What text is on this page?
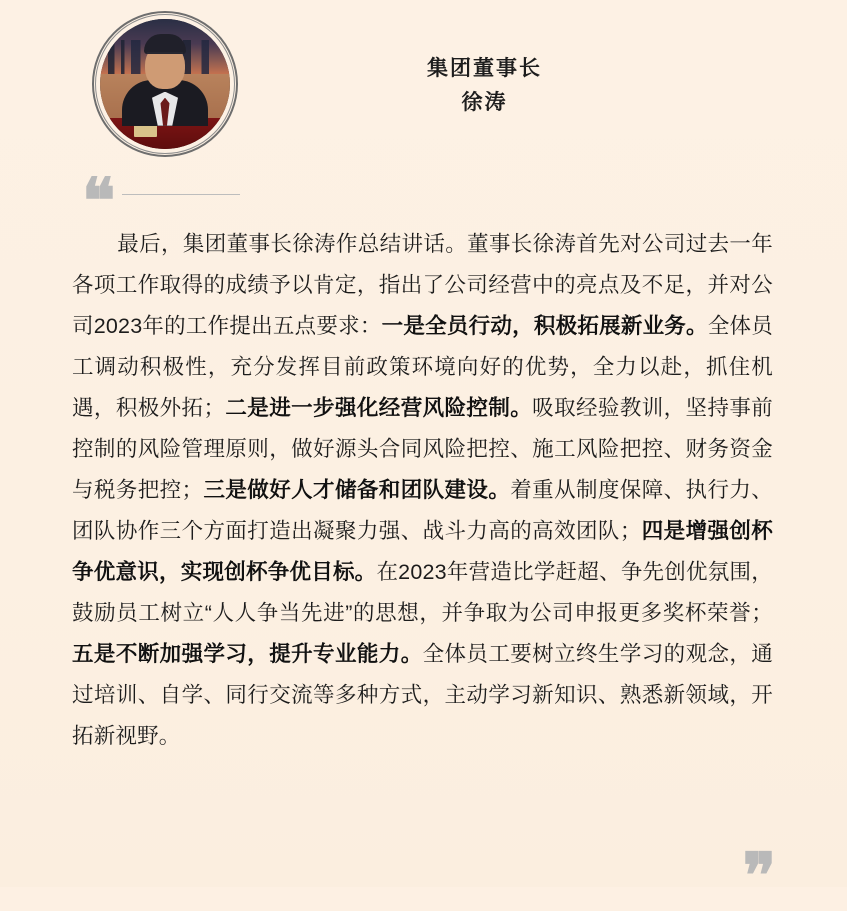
集团董事长
徐涛
❝
最后，集团董事长徐涛作总结讲话。董事长徐涛首先对公司过去一年各项工作取得的成绩予以肯定，指出了公司经营中的亮点及不足，并对公司2023年的工作提出五点要求：一是全员行动，积极拓展新业务。全体员工调动积极性，充分发挥目前政策环境向好的优势，全力以赴，抓住机遇，积极外拓；二是进一步强化经营风险控制。吸取经验教训，坚持事前控制的风险管理原则，做好源头合同风险把控、施工风险把控、财务资金与税务把控；三是做好人才储备和团队建设。着重从制度保障、执行力、团队协作三个方面打造出凝聚力强、战斗力高的高效团队；四是增强创杯争优意识，实现创杯争优目标。在2023年营造比学赶超、争先创优氛围，鼓励员工树立“人人争当先进”的思想，并争取为公司申报更多奖杯荣誉；五是不断加强学习，提升专业能力。全体员工要树立终生学习的观念，通过培训、自学、同行交流等多种方式，主动学习新知识、熟悉新领域，开拓新视野。
❞
